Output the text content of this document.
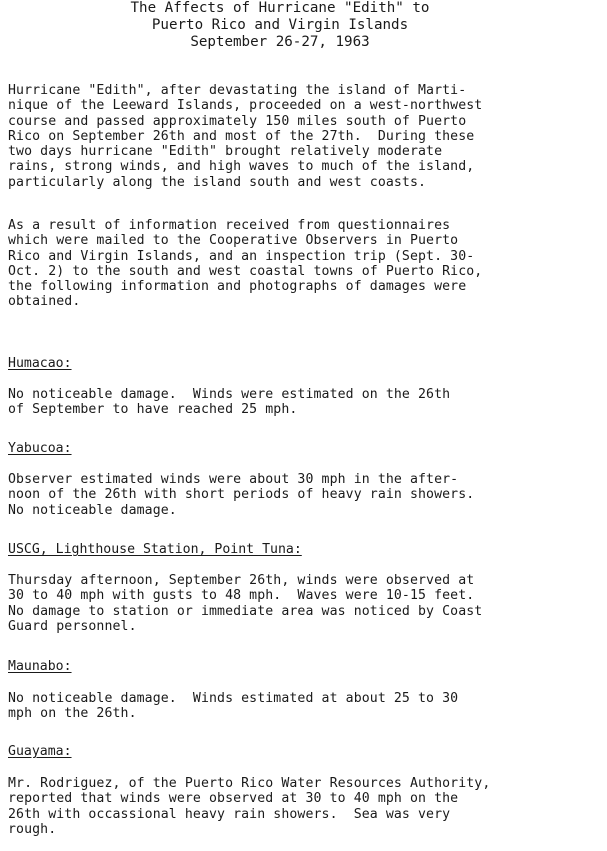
The Affects of Hurricane "Edith" to
Puerto Rico and Virgin Islands
September 26-27, 1963
Hurricane "Edith", after devastating the island of Marti-
nique of the Leeward Islands, proceeded on a west-northwest
course and passed approximately 150 miles south of Puerto
Rico on September 26th and most of the 27th.  During these
two days hurricane "Edith" brought relatively moderate
rains, strong winds, and high waves to much of the island,
particularly along the island south and west coasts.
As a result of information received from questionnaires
which were mailed to the Cooperative Observers in Puerto
Rico and Virgin Islands, and an inspection trip (Sept. 30-
Oct. 2) to the south and west coastal towns of Puerto Rico,
the following information and photographs of damages were
obtained.
Humacao:
No noticeable damage.  Winds were estimated on the 26th
of September to have reached 25 mph.
Yabucoa:
Observer estimated winds were about 30 mph in the after-
noon of the 26th with short periods of heavy rain showers.
No noticeable damage.
USCG, Lighthouse Station, Point Tuna:
Thursday afternoon, September 26th, winds were observed at
30 to 40 mph with gusts to 48 mph.  Waves were 10-15 feet.
No damage to station or immediate area was noticed by Coast
Guard personnel.
Maunabo:
No noticeable damage.  Winds estimated at about 25 to 30
mph on the 26th.
Guayama:
Mr. Rodriguez, of the Puerto Rico Water Resources Authority,
reported that winds were observed at 30 to 40 mph on the
26th with occassional heavy rain showers.  Sea was very
rough.
